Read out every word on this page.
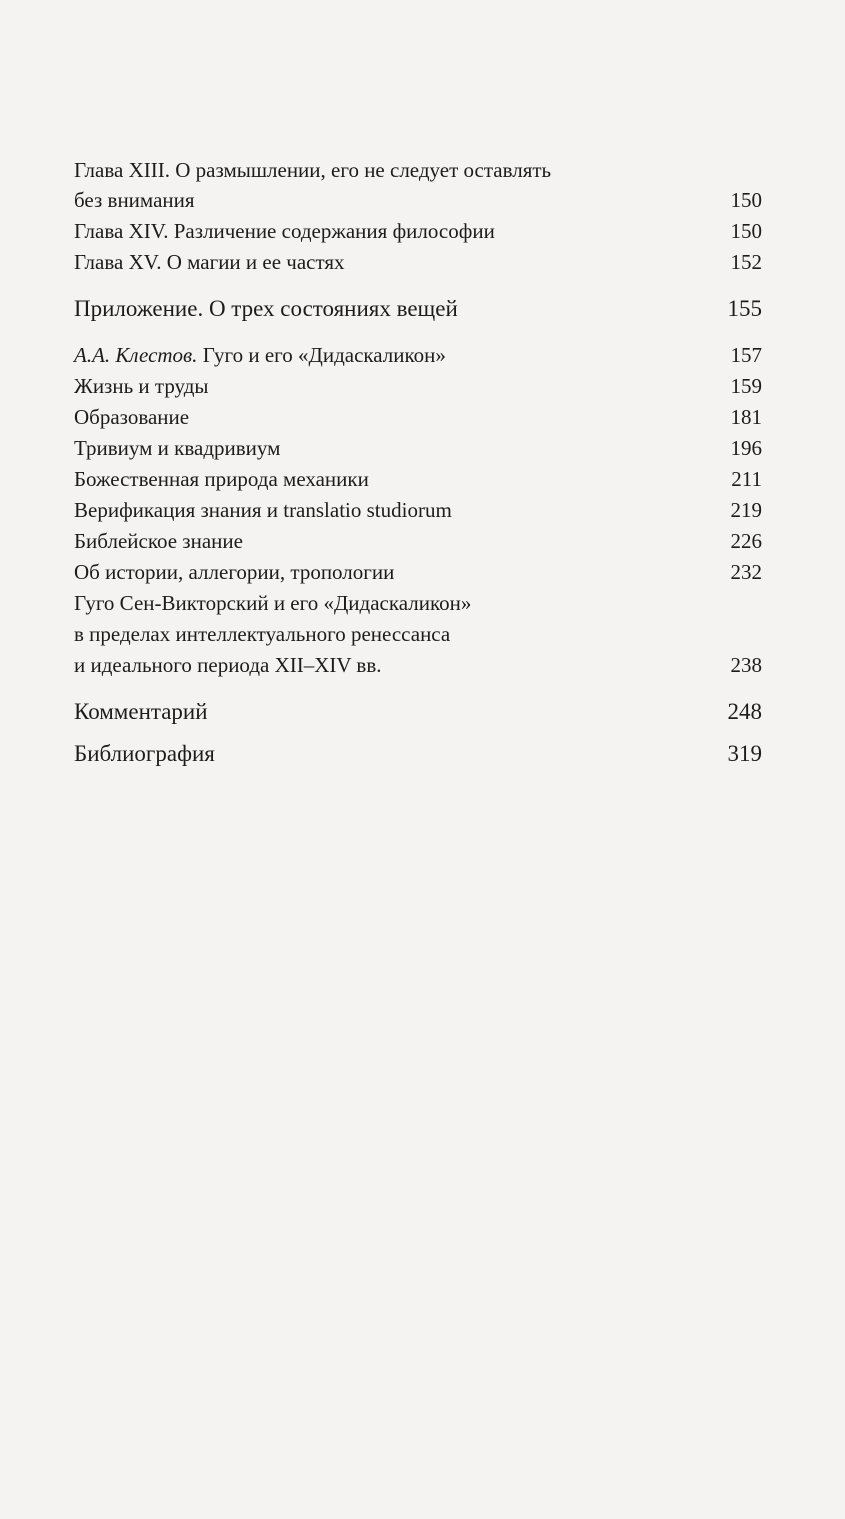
Глава XIII. О размышлении, его не следует оставлять
без внимания	150
Глава XIV. Различение содержания философии	150
Глава XV. О магии и ее частях	152
Приложение. О трех состояниях вещей	155
А.А. Клестов. Гуго и его «Дидаскаликон»	157
Жизнь и труды	159
Образование	181
Тривиум и квадривиум	196
Божественная природа механики	211
Верификация знания и translatio studiorum	219
Библейское знание	226
Об истории, аллегории, тропологии	232
Гуго Сен-Викторский и его «Дидаскаликон»
в пределах интеллектуального ренессанса
и идеального периода XII–XIV вв.	238
Комментарий	248
Библиография	319
